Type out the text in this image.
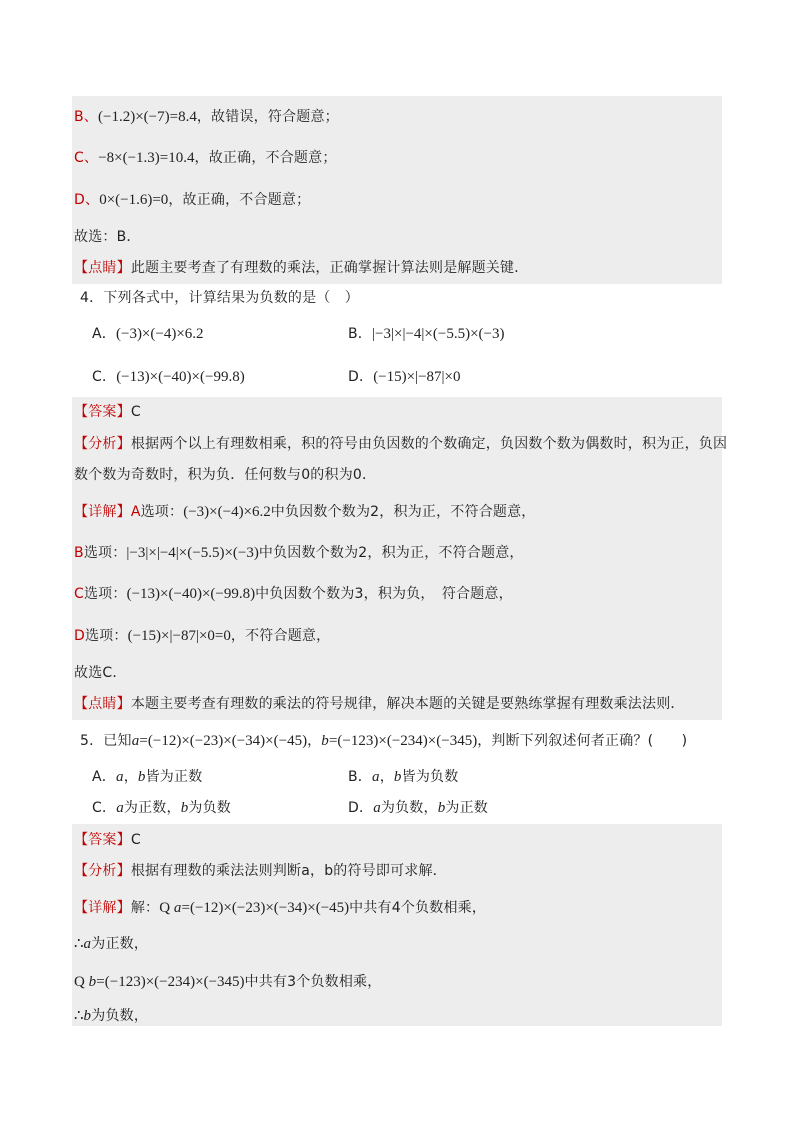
B、(−1.2)×(−7)=8.4，故错误，符合题意；
C、−8×(−1.3)=10.4，故正确，不合题意；
D、0×(−1.6)=0，故正确，不合题意；
故选：B．
【点睛】此题主要考查了有理数的乘法，正确掌握计算法则是解题关键．
4．下列各式中，计算结果为负数的是（　）
A．(−3)×(−4)×6.2	B．|−3|×|−4|×(−5.5)×(−3)
C．(−13)×(−40)×(−99.8)	D．(−15)×|−87|×0
【答案】C
【分析】根据两个以上有理数相乘，积的符号由负因数的个数确定，负因数个数为偶数时，积为正，负因
数个数为奇数时，积为负．任何数与0的积为0．
【详解】A选项：(−3)×(−4)×6.2中负因数个数为2，积为正，不符合题意，
B选项：|−3|×|−4|×(−5.5)×(−3)中负因数个数为2，积为正，不符合题意，
C选项：(−13)×(−40)×(−99.8)中负因数个数为3，积为负，　符合题意，
D选项：(−15)×|−87|×0=0，不符合题意，
故选C．
【点睛】本题主要考查有理数的乘法的符号规律，解决本题的关键是要熟练掌握有理数乘法法则．
5．已知a=(−12)×(−23)×(−34)×(−45)，b=(−123)×(−234)×(−345)，判断下列叙述何者正确？(　　)
A．a，b皆为正数	B．a，b皆为负数
C．a为正数，b为负数	D．a为负数，b为正数
【答案】C
【分析】根据有理数的乘法法则判断a，b的符号即可求解．
【详解】解：Q a=(−12)×(−23)×(−34)×(−45)中共有4个负数相乘，
∴a为正数，
Q b=(−123)×(−234)×(−345)中共有3个负数相乘，
∴b为负数，
